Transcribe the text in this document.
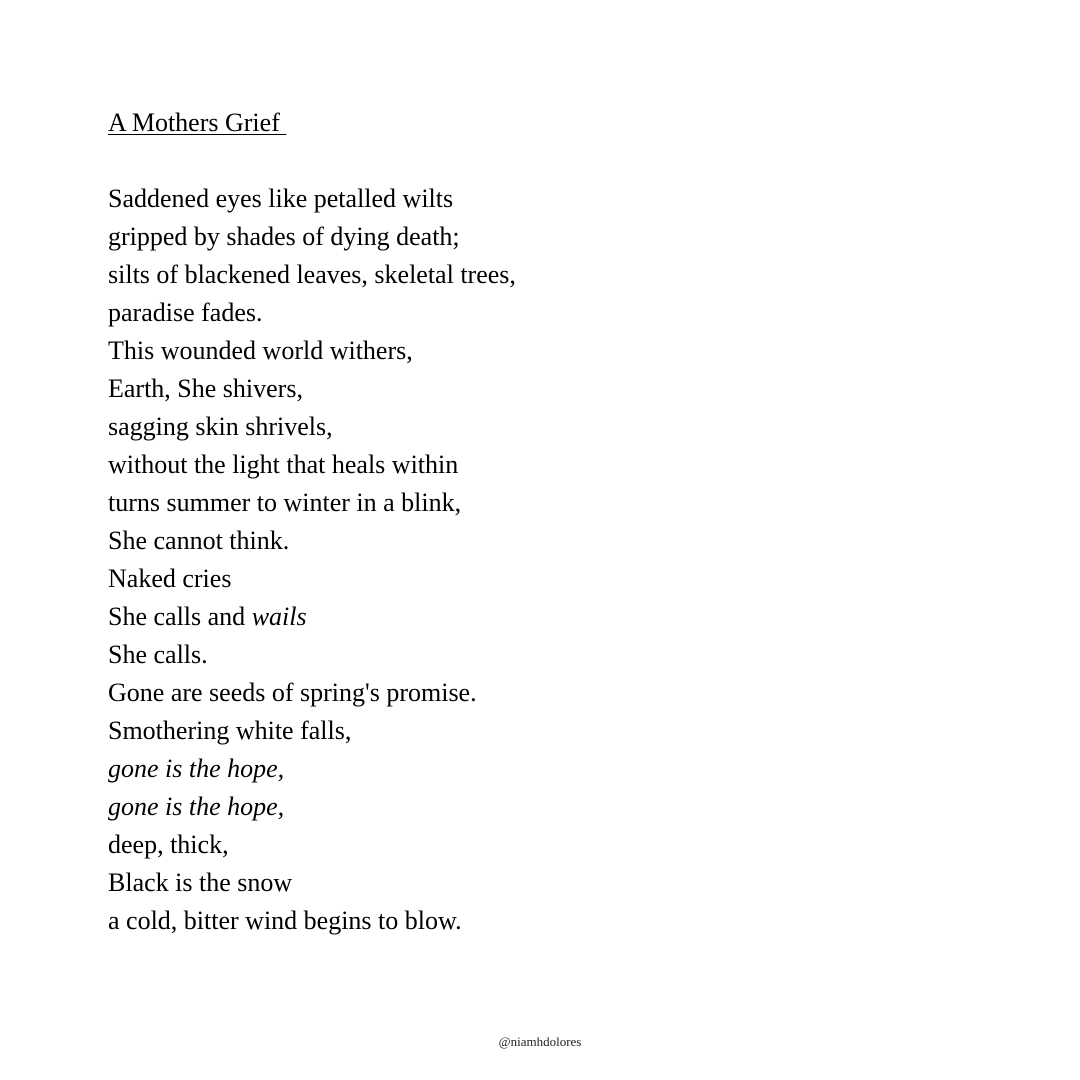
A Mothers Grief
Saddened eyes like petalled wilts
gripped by shades of dying death;
silts of blackened leaves, skeletal trees,
paradise fades.
This wounded world withers,
Earth, She shivers,
sagging skin shrivels,
without the light that heals within
turns summer to winter in a blink,
She cannot think.
Naked cries
She calls and wails
She calls.
Gone are seeds of spring's promise.
Smothering white falls,
gone is the hope,
gone is the hope,
deep, thick,
Black is the snow
a cold, bitter wind begins to blow.
@niamhdolores
